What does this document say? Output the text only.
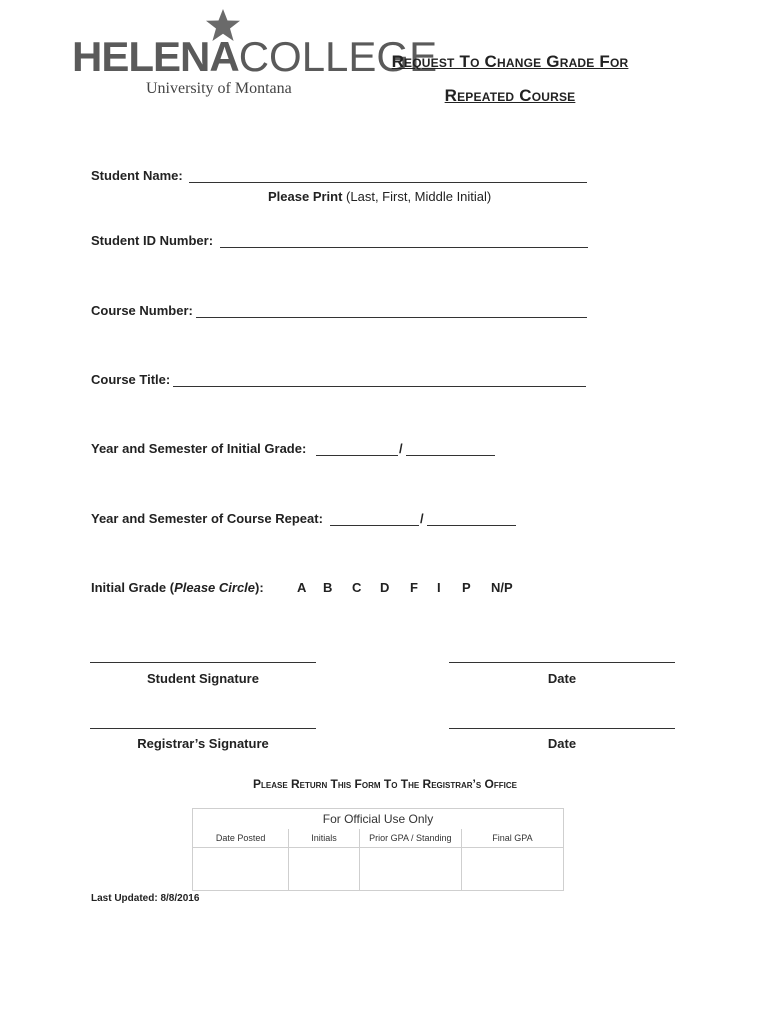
HELENACOLLEGE
University of Montana
Request To Change Grade For
Repeated Course
Student Name:
Please Print (Last, First, Middle Initial)
Student ID Number:
Course Number:
Course Title:
Year and Semester of Initial Grade:	/
Year and Semester of Course Repeat:	/
Initial Grade (Please Circle):	A B C D F I P N/P
Student Signature	Date
Registrar’s Signature	Date
Please Return This Form To The Registrar’s Office
For Official Use Only			
Date Posted	Initials	Prior GPA / Standing	Final GPA

Last Updated: 8/8/2016
